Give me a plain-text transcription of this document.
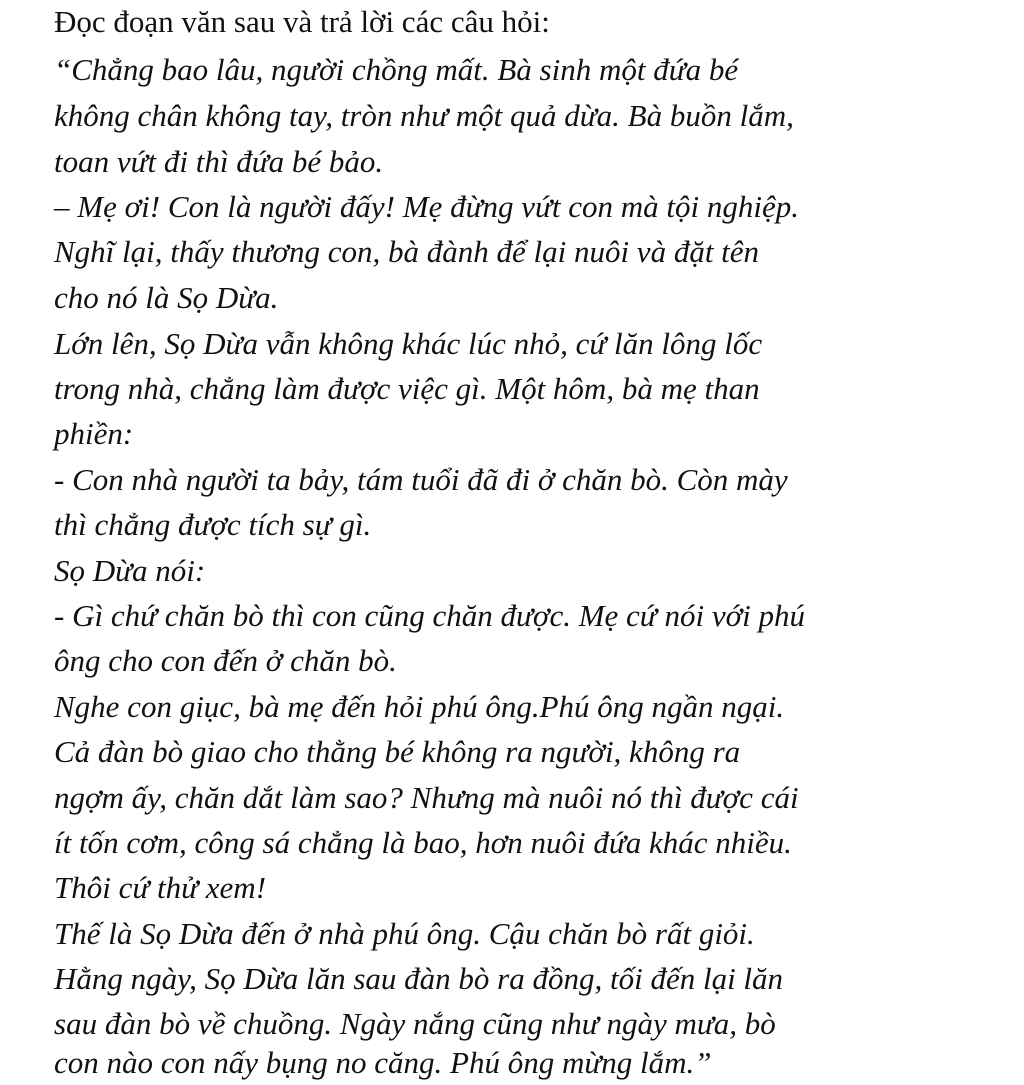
Đọc đoạn văn sau và trả lời các câu hỏi:
“Chẳng bao lâu, người chồng mất. Bà sinh một đứa bé
không chân không tay, tròn như một quả dừa. Bà buồn lắm,
toan vứt đi thì đứa bé bảo.
– Mẹ ơi! Con là người đấy! Mẹ đừng vứt con mà tội nghiệp.
Nghĩ lại, thấy thương con, bà đành để lại nuôi và đặt tên
cho nó là Sọ Dừa.
Lớn lên, Sọ Dừa vẫn không khác lúc nhỏ, cứ lăn lông lốc
trong nhà, chẳng làm được việc gì. Một hôm, bà mẹ than
phiền:
- Con nhà người ta bảy, tám tuổi đã đi ở chăn bò. Còn mày
thì chẳng được tích sự gì.
Sọ Dừa nói:
- Gì chứ chăn bò thì con cũng chăn được. Mẹ cứ nói với phú
ông cho con đến ở chăn bò.
Nghe con giục, bà mẹ đến hỏi phú ông.Phú ông ngần ngại.
Cả đàn bò giao cho thằng bé không ra người, không ra
ngợm ấy, chăn dắt làm sao? Nhưng mà nuôi nó thì được cái
ít tốn cơm, công sá chẳng là bao, hơn nuôi đứa khác nhiều.
Thôi cứ thử xem!
Thế là Sọ Dừa đến ở nhà phú ông. Cậu chăn bò rất giỏi.
Hằng ngày, Sọ Dừa lăn sau đàn bò ra đồng, tối đến lại lăn
sau đàn bò về chuồng. Ngày nắng cũng như ngày mưa, bò
con nào con nấy bụng no căng. Phú ông mừng lắm.”
